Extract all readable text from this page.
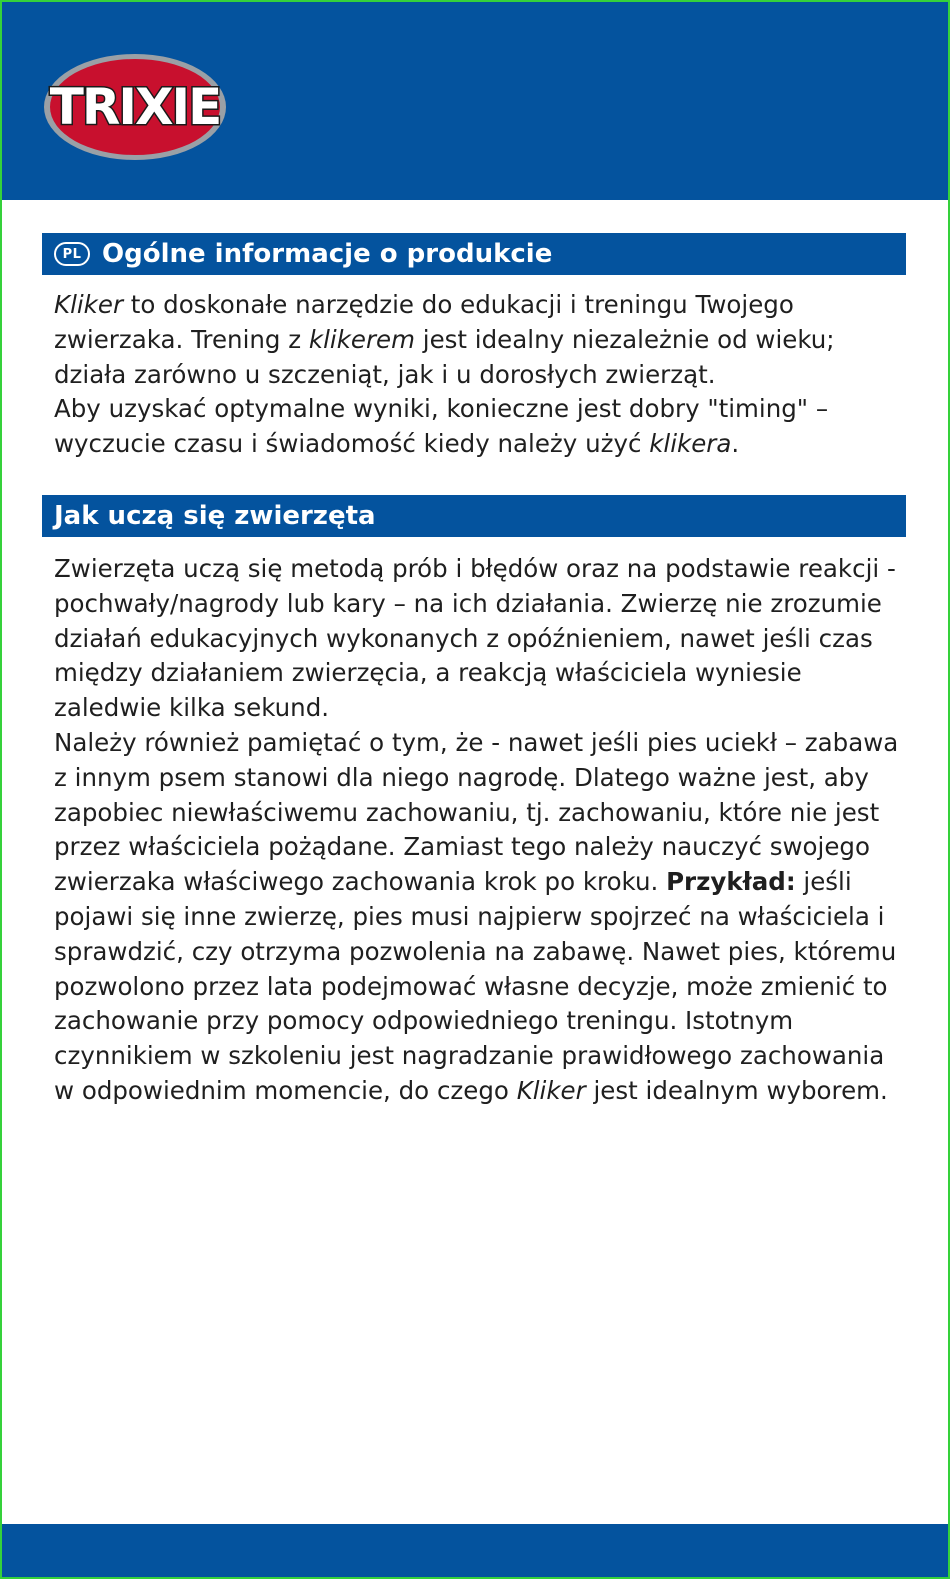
TRIXIE
PL Ogólne informacje o produkcie

Kliker to doskonałe narzędzie do edukacji i treningu Twojego zwierzaka. Trening z klikerem jest idealny niezależnie od wieku; działa zarówno u szczeniąt, jak i u dorosłych zwierząt.

Aby uzyskać optymalne wyniki, konieczne jest dobry "timing" – wyczucie czasu i świadomość kiedy należy użyć klikera.

Jak uczą się zwierzęta

Zwierzęta uczą się metodą prób i błędów oraz na podstawie reakcji - pochwały/nagrody lub kary – na ich działania. Zwierzę nie zrozumie działań edukacyjnych wykonanych z opóźnieniem, nawet jeśli czas między działaniem zwierzęcia, a reakcją właściciela wyniesie zaledwie kilka sekund.

Należy również pamiętać o tym, że - nawet jeśli pies uciekł – zabawa z innym psem stanowi dla niego nagrodę. Dlatego ważne jest, aby zapobiec niewłaściwemu zachowaniu, tj. zachowaniu, które nie jest przez właściciela pożądane. Zamiast tego należy nauczyć swojego zwierzaka właściwego zachowania krok po kroku. Przykład: jeśli pojawi się inne zwierzę, pies musi najpierw spojrzeć na właściciela i sprawdzić, czy otrzyma pozwolenia na zabawę. Nawet pies, któremu pozwolono przez lata podejmować własne decyzje, może zmienić to zachowanie przy pomocy odpowiedniego treningu. Istotnym czynnikiem w szkoleniu jest nagradzanie prawidłowego zachowania w odpowiednim momencie, do czego Kliker jest idealnym wyborem.
